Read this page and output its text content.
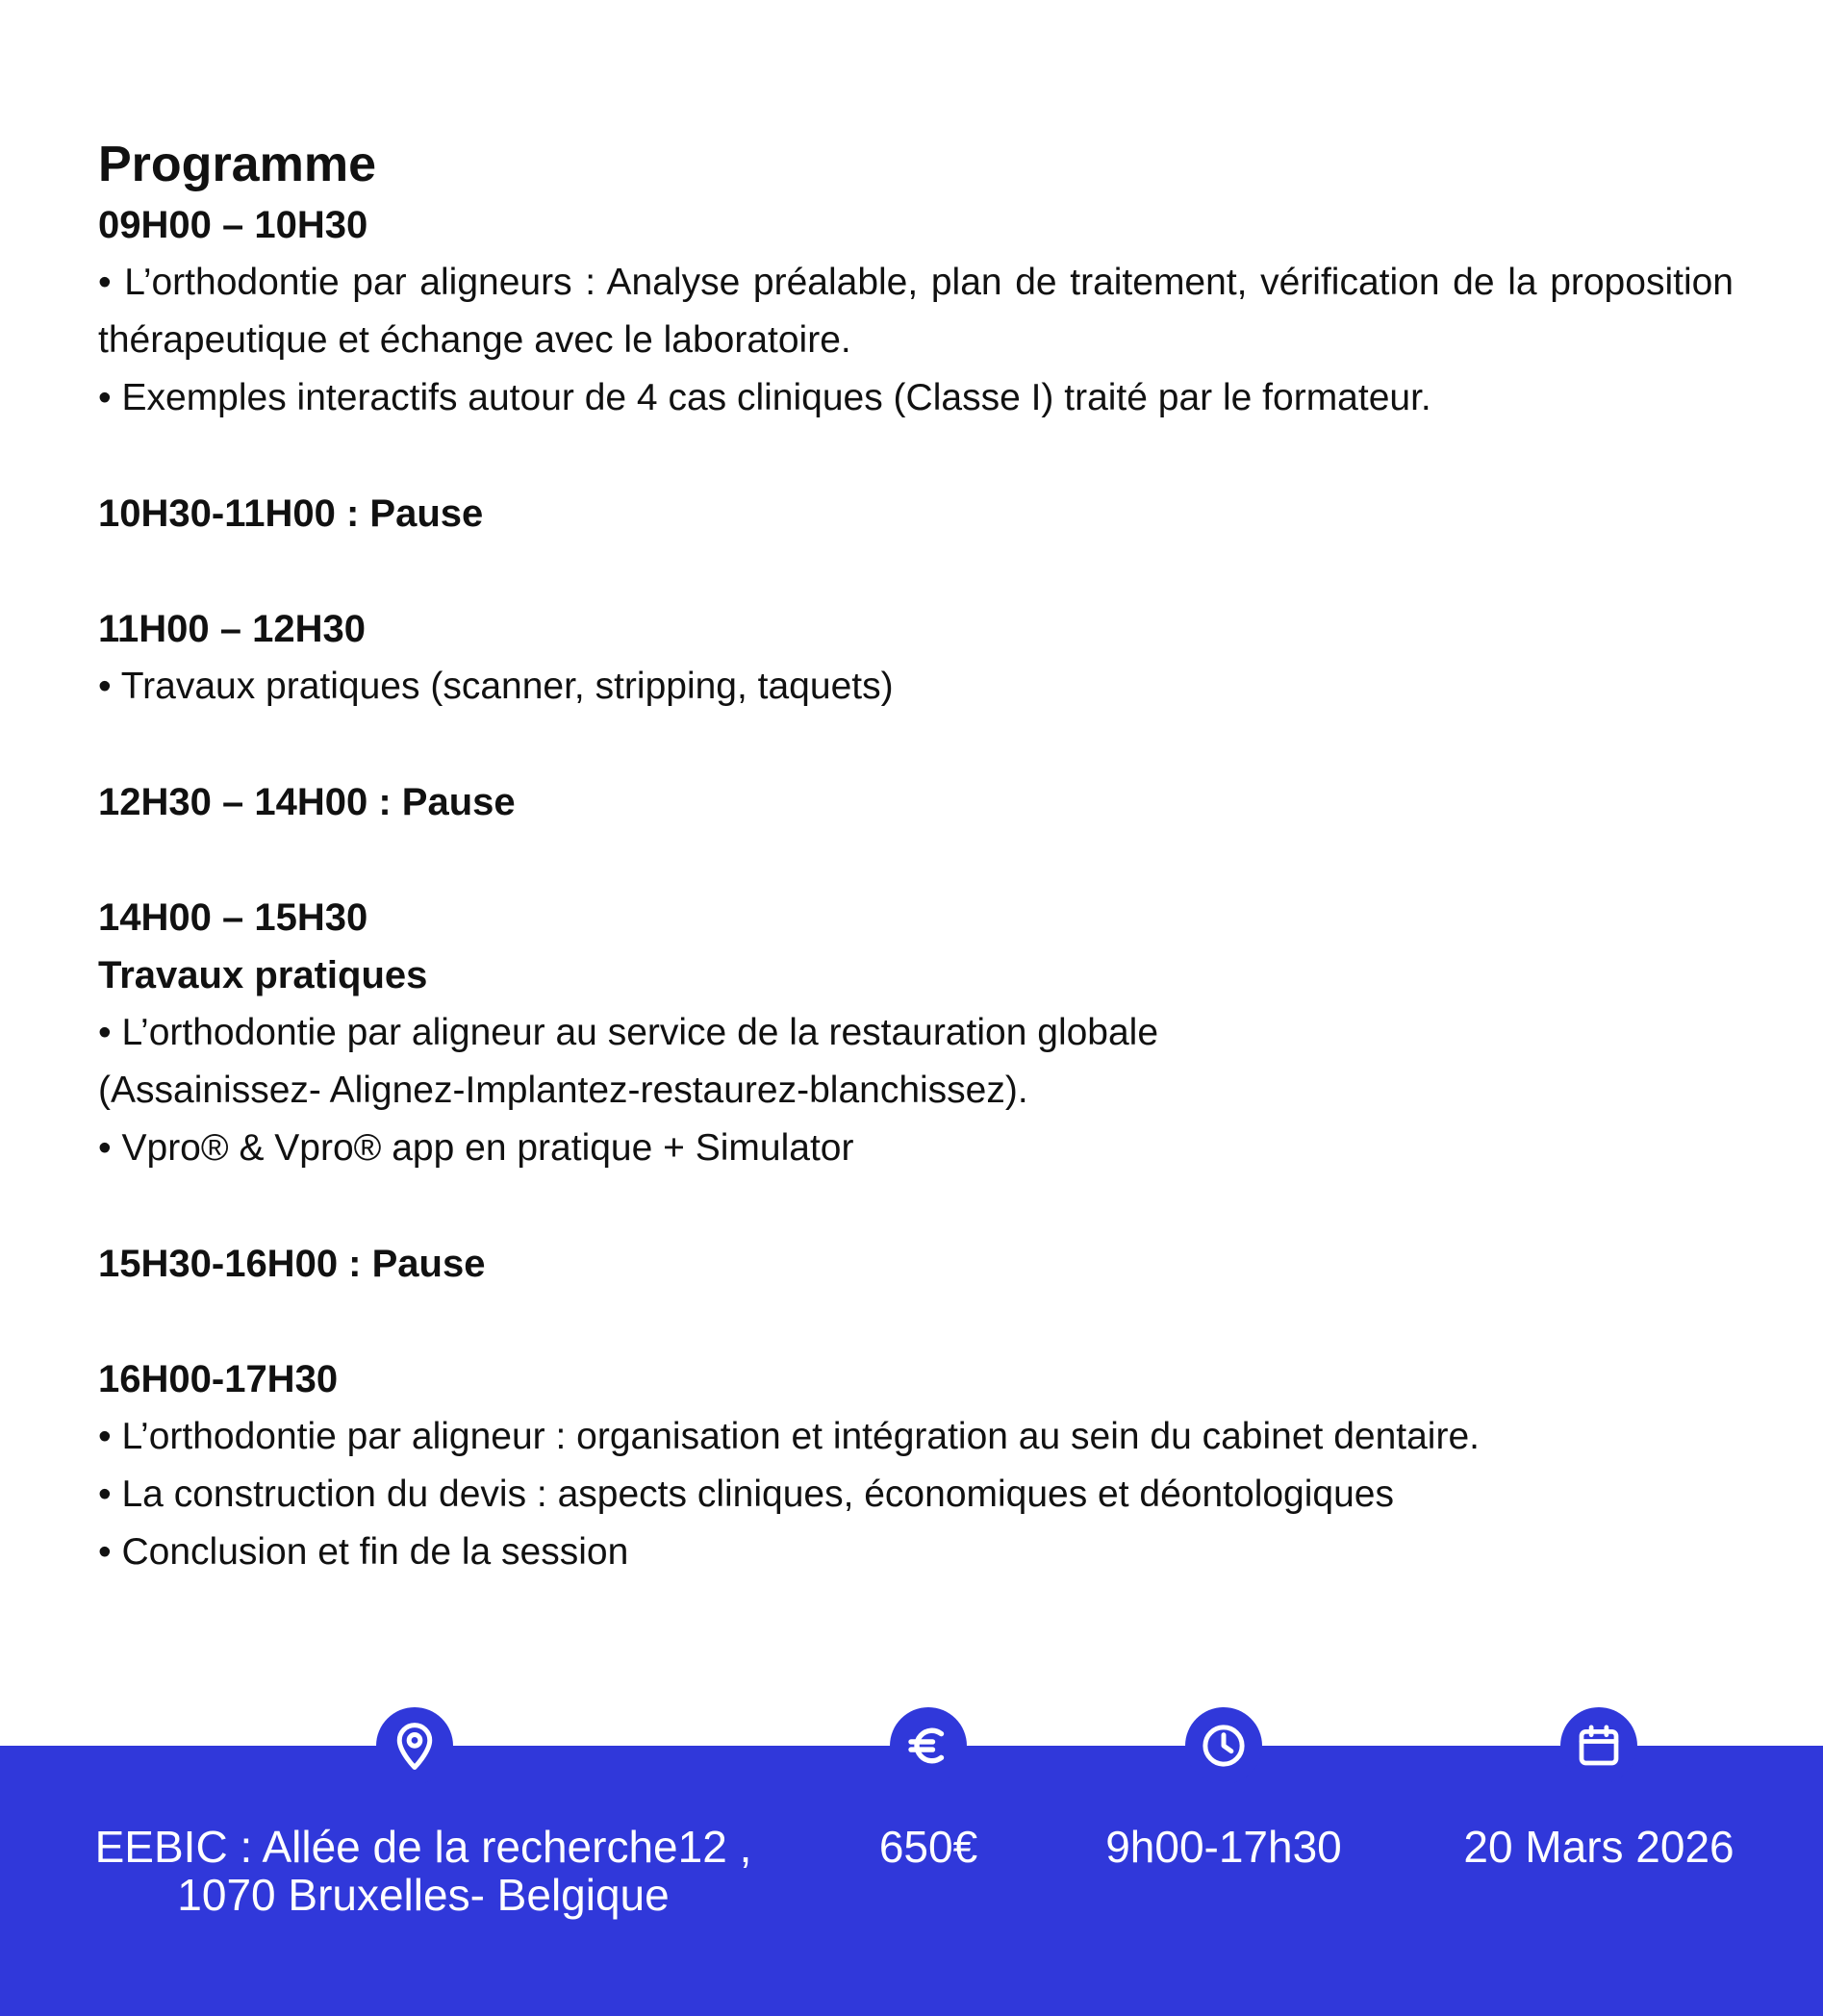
Programme

09H00 – 10H30

• L’orthodontie par aligneurs : Analyse préalable, plan de traitement, vérification de la proposition thérapeutique et échange avec le laboratoire.

• Exemples interactifs autour de 4 cas cliniques (Classe I) traité par le formateur.

10H30-11H00 : Pause

11H00 – 12H30

• Travaux pratiques (scanner, stripping, taquets)

12H30 – 14H00 : Pause

14H00 – 15H30

Travaux pratiques

• L’orthodontie par aligneur au service de la restauration globale

(Assainissez- Alignez-Implantez-restaurez-blanchissez).

• Vpro® & Vpro® app en pratique + Simulator

15H30-16H00 : Pause

16H00-17H30

• L’orthodontie par aligneur : organisation et intégration au sein du cabinet dentaire.

• La construction du devis : aspects cliniques, économiques et déontologiques

• Conclusion et fin de la session

EEBIC : Allée de la recherche12 ,
1070 Bruxelles- Belgique
650€	9h00-17h30	20 Mars 2026
